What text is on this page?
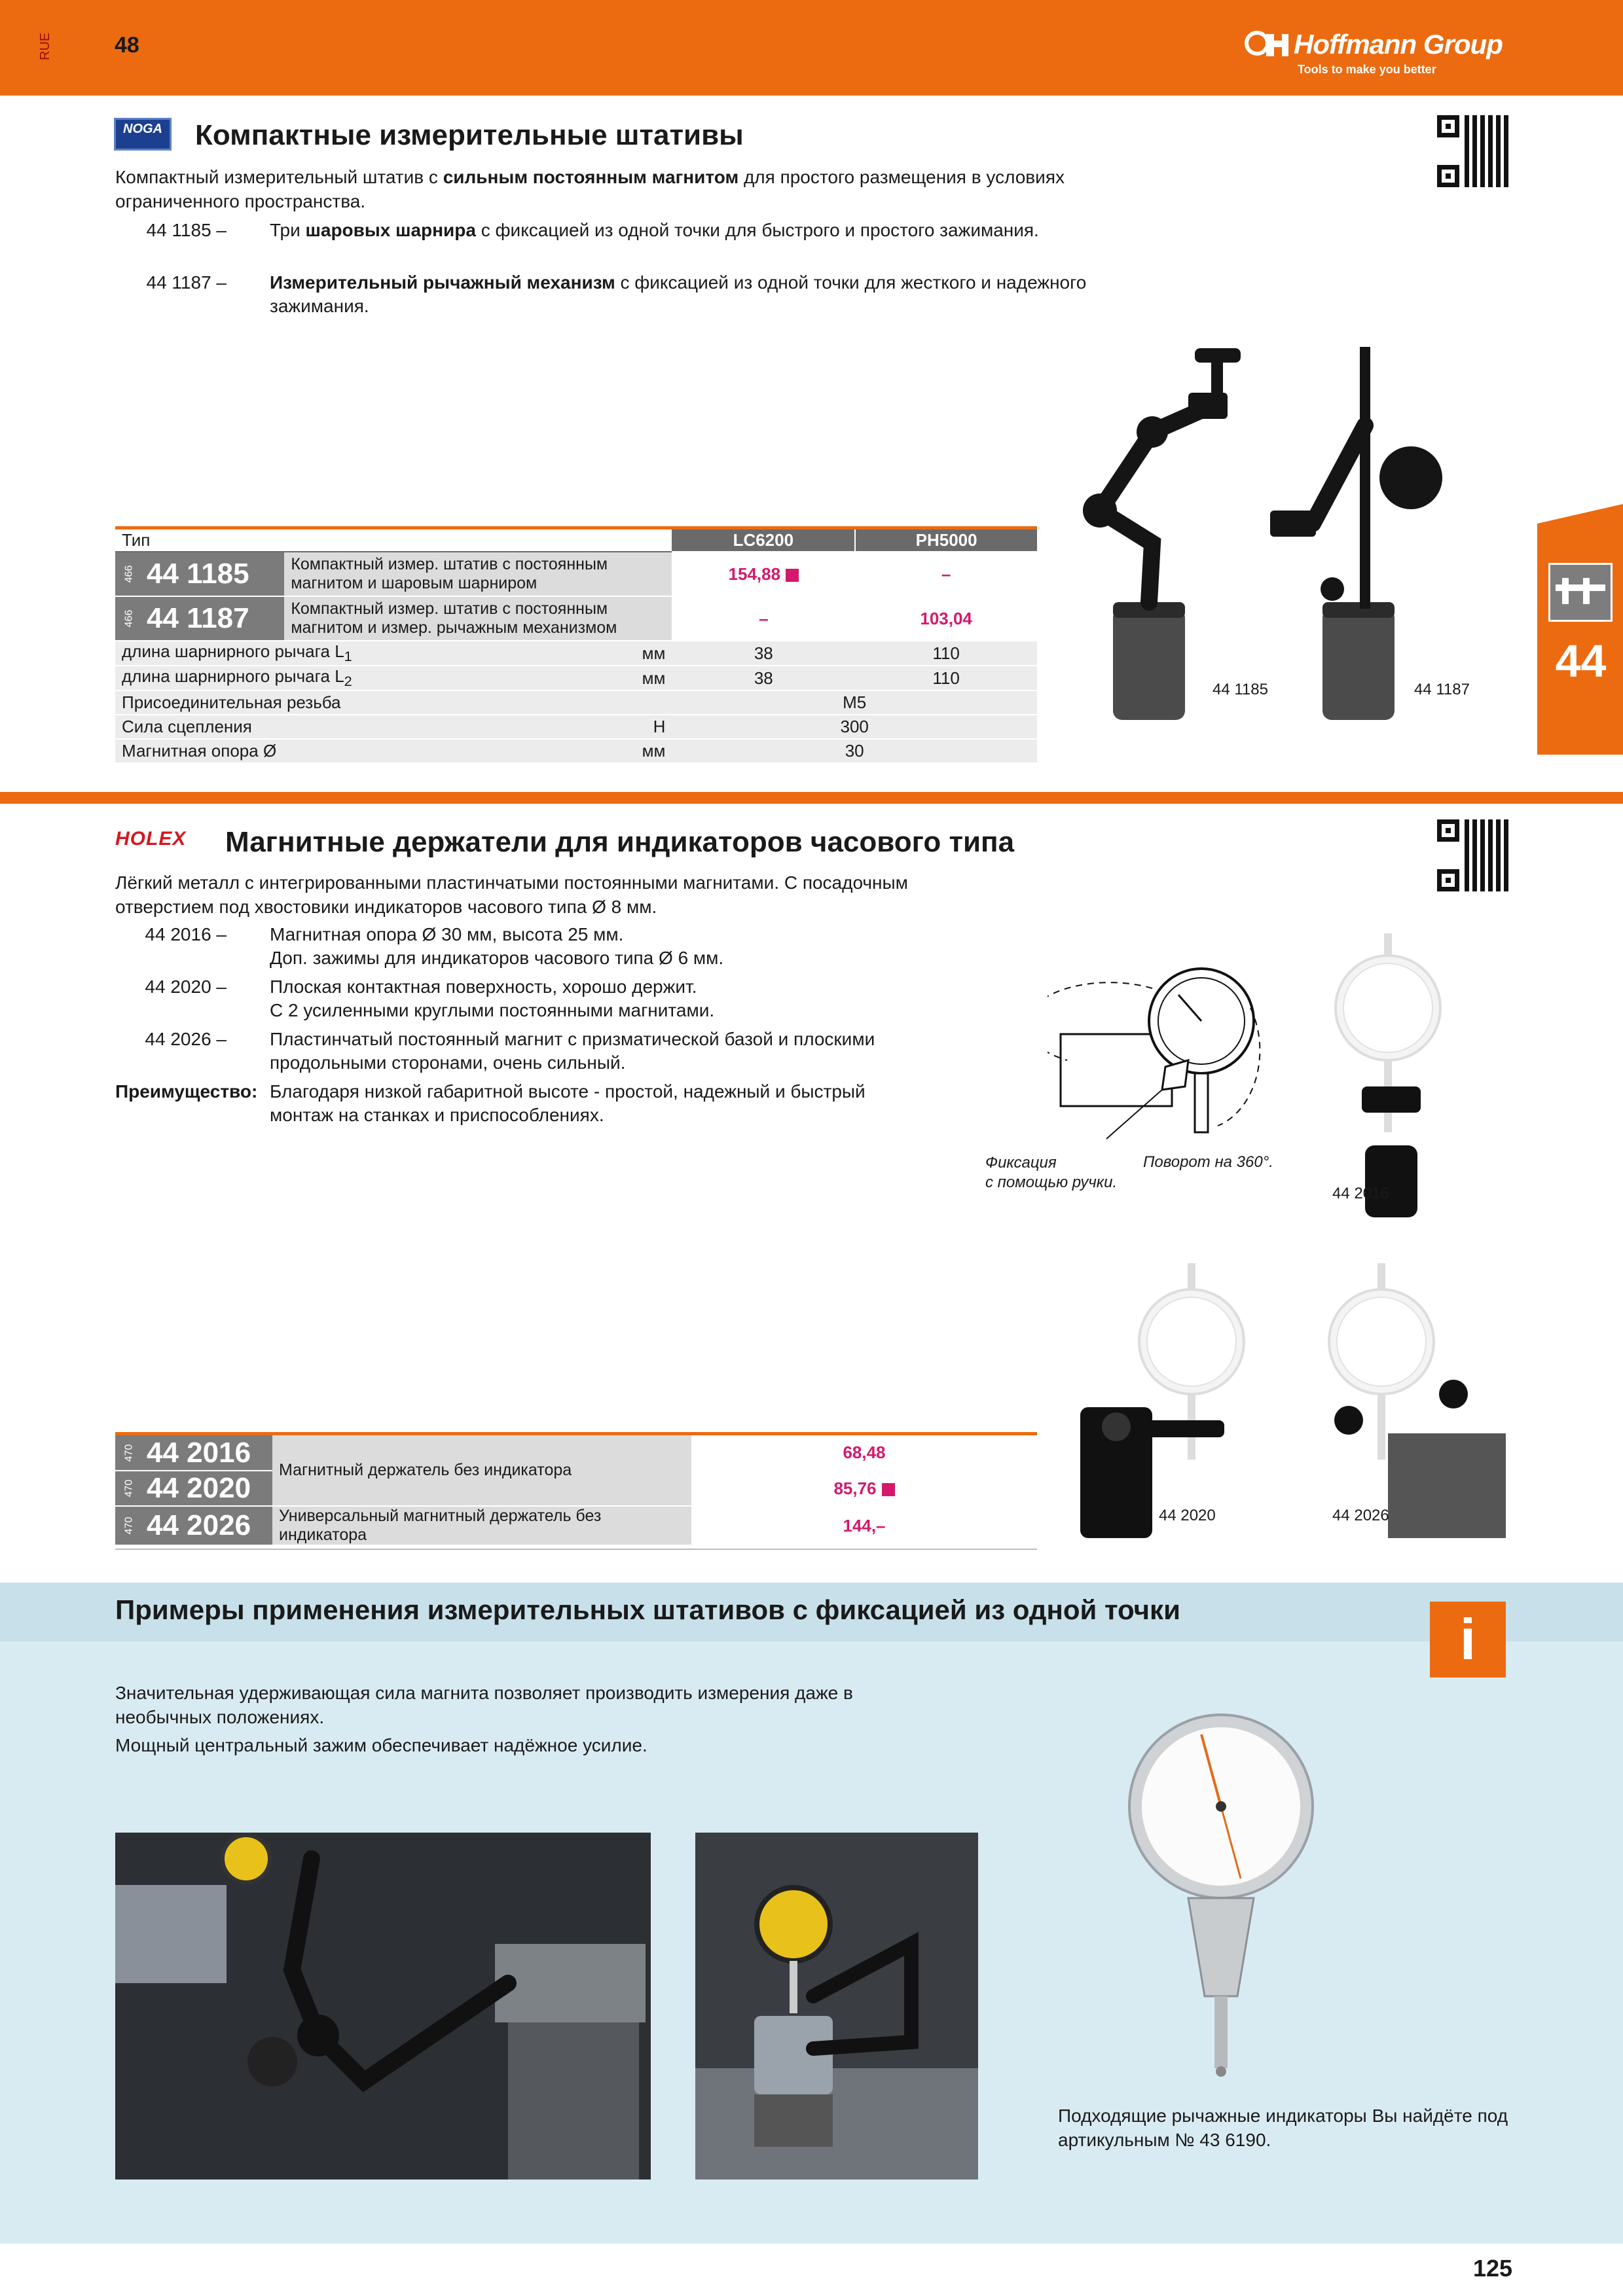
RUE	48	Hoffmann Group
Tools to make you better
NOGA	Компактные измерительные штативы
Компактный измерительный штатив с сильным постоянным магнитом для простого размещения в условиях ограниченного пространства.
44 1185 – Три шаровых шарнира с фиксацией из одной точки для быстрого и простого зажимания.
44 1187 – Измерительный рычажный механизм с фиксацией из одной точки для жесткого и надежного зажимания.
44 1185	44 1187
Тип			LC6200	PH5000

466 44 1185	Компактный измер. штатив с постоянным магнитом и шаровым шарниром		154,88	–

466 44 1187	Компактный измер. штатив с постоянным магнитом и измер. рычажным механизмом		–	103,04
длина шарнирного рычага $L_1$		мм	38	110
длина шарнирного рычага $L_2$		мм	38	110
Присоединительная резьба			M5	
Сила сцепления		Н	300	
Магнитная опора Ø		мм	30	
44
HOLEX	Магнитные держатели для индикаторов часового типа
Лёгкий металл с интегрированными пластинчатыми постоянными магнитами. С посадочным отверстием под хвостовики индикаторов часового типа Ø 8 мм.
44 2016 – Магнитная опора Ø 30 мм, высота 25 мм.
Доп. зажимы для индикаторов часового типа Ø 6 мм.
44 2020 – Плоская контактная поверхность, хорошо держит.
С 2 усиленными круглыми постоянными магнитами.
44 2026 – Пластинчатый постоянный магнит с призматической базой и плоскими продольными сторонами, очень сильный.
Преимущество: Благодаря низкой габаритной высоте - простой, надежный и быстрый монтаж на станках и приспособлениях.
Фиксация
с помощью ручки.
Поворот на 360°.
44 2016
44 2020	44 2026
470 44 2016	Магнитный держатель без индикатора	68,48

470 44 2020		85,76

470 44 2026	Универсальный магнитный держатель без индикатора	144,–
Примеры применения измерительных штативов с фиксацией из одной точки	i
Значительная удерживающая сила магнита позволяет производить измерения даже в необычных положениях.
Мощный центральный зажим обеспечивает надёжное усилие.
Подходящие рычажные индикаторы Вы найдёте под артикульным № 43 6190.
125
